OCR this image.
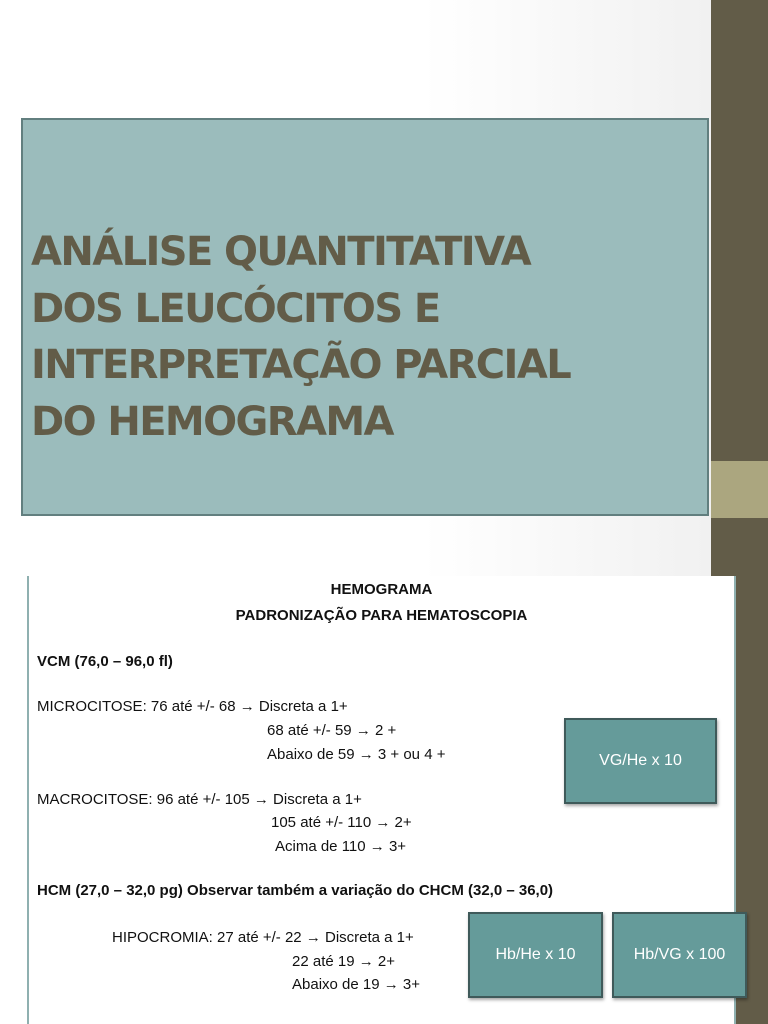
ANÁLISE QUANTITATIVA
DOS LEUCÓCITOS E
INTERPRETAÇÃO PARCIAL
DO HEMOGRAMA
HEMOGRAMA
PADRONIZAÇÃO PARA HEMATOSCOPIA
VCM (76,0 – 96,0 fl)
MICROCITOSE: 76 até +/- 68 → Discreta a 1+
68 até +/- 59 → 2 +
Abaixo de 59 → 3 + ou 4 +
MACROCITOSE: 96 até +/- 105 → Discreta a 1+
105 até +/- 110 → 2+
Acima de 110 → 3+
HCM (27,0 – 32,0 pg) Observar também a variação do CHCM (32,0 – 36,0)
HIPOCROMIA: 27 até +/- 22 → Discreta a 1+
22 até 19 → 2+
Abaixo de 19 → 3+
VG/He x 10
Hb/He x 10	Hb/VG x 100
